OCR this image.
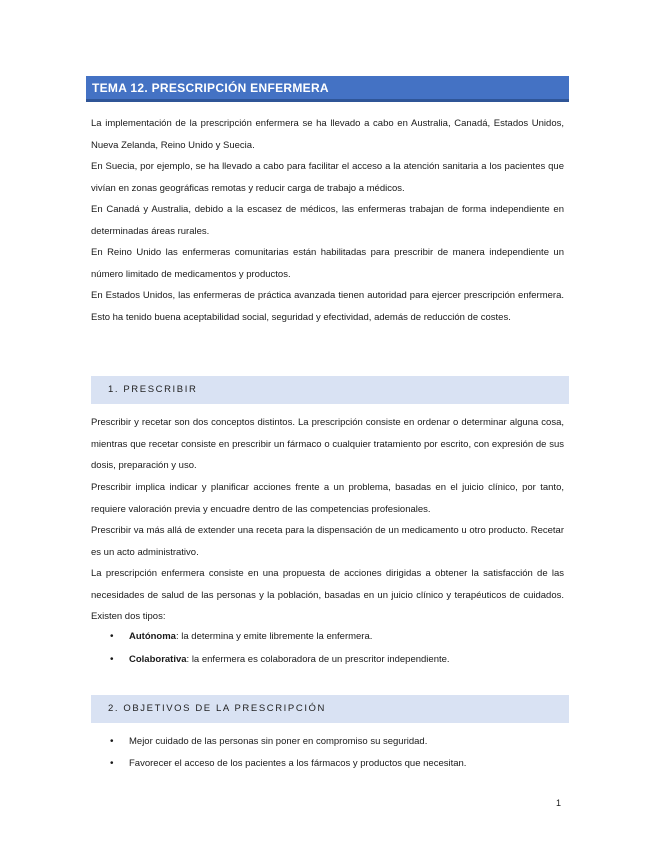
TEMA 12. PRESCRIPCIÓN ENFERMERA
La implementación de la prescripción enfermera se ha llevado a cabo en Australia, Canadá, Estados Unidos, Nueva Zelanda, Reino Unido y Suecia.
En Suecia, por ejemplo, se ha llevado a cabo para facilitar el acceso a la atención sanitaria a los pacientes que vivían en zonas geográficas remotas y reducir carga de trabajo a médicos.
En Canadá y Australia, debido a la escasez de médicos, las enfermeras trabajan de forma independiente en determinadas áreas rurales.
En Reino Unido las enfermeras comunitarias están habilitadas para prescribir de manera independiente un número limitado de medicamentos y productos.
En Estados Unidos, las enfermeras de práctica avanzada tienen autoridad para ejercer prescripción enfermera. Esto ha tenido buena aceptabilidad social, seguridad y efectividad, además de reducción de costes.
1. PRESCRIBIR
Prescribir y recetar son dos conceptos distintos. La prescripción consiste en ordenar o determinar alguna cosa, mientras que recetar consiste en prescribir un fármaco o cualquier tratamiento por escrito, con expresión de sus dosis, preparación y uso.
Prescribir implica indicar y planificar acciones frente a un problema, basadas en el juicio clínico, por tanto, requiere valoración previa y encuadre dentro de las competencias profesionales.
Prescribir va más allá de extender una receta para la dispensación de un medicamento u otro producto. Recetar es un acto administrativo.
La prescripción enfermera consiste en una propuesta de acciones dirigidas a obtener la satisfacción de las necesidades de salud de las personas y la población, basadas en un juicio clínico y terapéuticos de cuidados. Existen dos tipos:
• Autónoma: la determina y emite libremente la enfermera.
• Colaborativa: la enfermera es colaboradora de un prescritor independiente.
2. OBJETIVOS DE LA PRESCRIPCIÓN
• Mejor cuidado de las personas sin poner en compromiso su seguridad.
• Favorecer el acceso de los pacientes a los fármacos y productos que necesitan.
1
